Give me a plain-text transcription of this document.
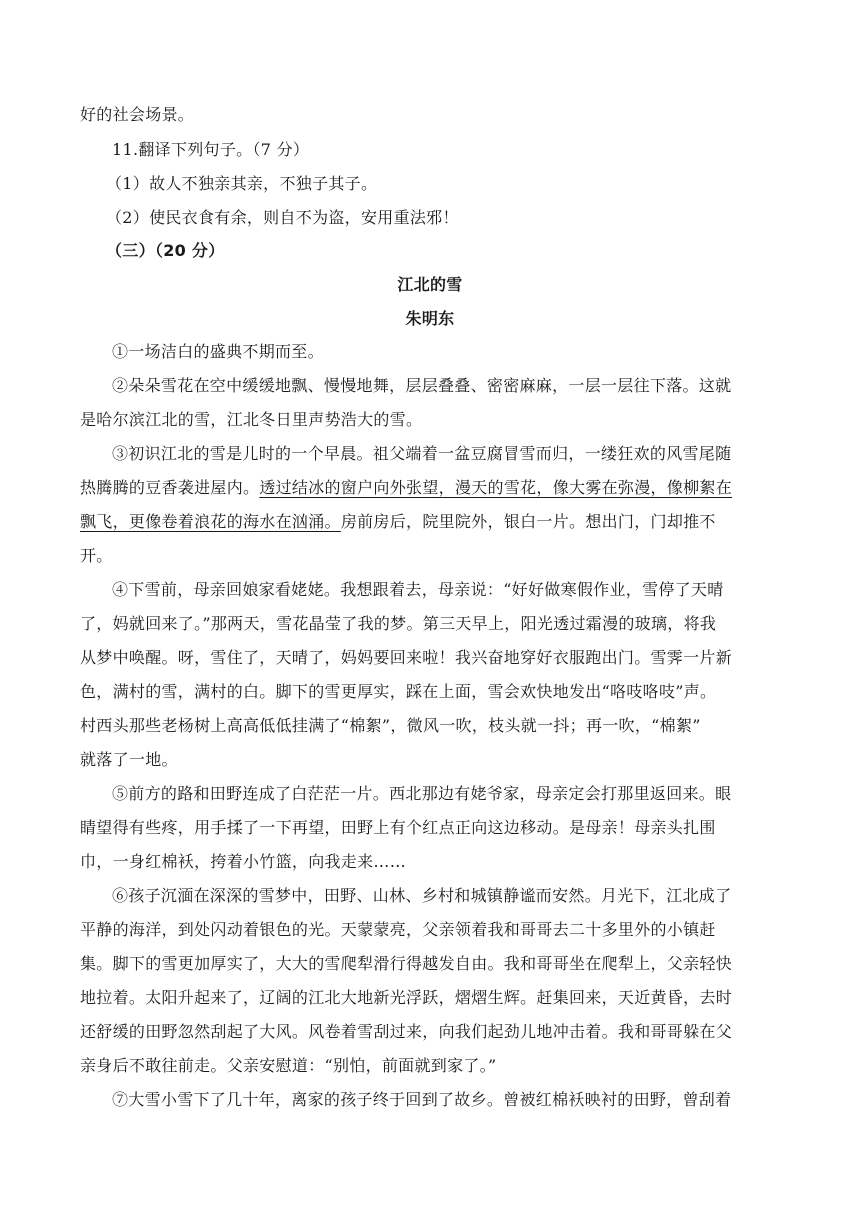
好的社会场景。
11.翻译下列句子。（7 分）
（1）故人不独亲其亲，不独子其子。
（2）使民衣食有余，则自不为盗，安用重法邪！
（三）（20 分）
江北的雪
朱明东
①一场洁白的盛典不期而至。
②朵朵雪花在空中缓缓地飘、慢慢地舞，层层叠叠、密密麻麻，一层一层往下落。这就
是哈尔滨江北的雪，江北冬日里声势浩大的雪。
③初识江北的雪是儿时的一个早晨。祖父端着一盆豆腐冒雪而归，一缕狂欢的风雪尾随
热腾腾的豆香袭进屋内。透过结冰的窗户向外张望，漫天的雪花，像大雾在弥漫，像柳絮在
飘飞，更像卷着浪花的海水在汹涌。房前房后，院里院外，银白一片。想出门，门却推不
开。
④下雪前，母亲回娘家看姥姥。我想跟着去，母亲说：“好好做寒假作业，雪停了天晴
了，妈就回来了。”那两天，雪花晶莹了我的梦。第三天早上，阳光透过霜漫的玻璃，将我
从梦中唤醒。呀，雪住了，天晴了，妈妈要回来啦！我兴奋地穿好衣服跑出门。雪霁一片新
色，满村的雪，满村的白。脚下的雪更厚实，踩在上面，雪会欢快地发出“咯吱咯吱”声。
村西头那些老杨树上高高低低挂满了“棉絮”，微风一吹，枝头就一抖；再一吹，“棉絮”
就落了一地。
⑤前方的路和田野连成了白茫茫一片。西北那边有姥爷家，母亲定会打那里返回来。眼
睛望得有些疼，用手揉了一下再望，田野上有个红点正向这边移动。是母亲！母亲头扎围
巾，一身红棉袄，挎着小竹篮，向我走来……
⑥孩子沉湎在深深的雪梦中，田野、山林、乡村和城镇静谧而安然。月光下，江北成了
平静的海洋，到处闪动着银色的光。天蒙蒙亮，父亲领着我和哥哥去二十多里外的小镇赶
集。脚下的雪更加厚实了，大大的雪爬犁滑行得越发自由。我和哥哥坐在爬犁上，父亲轻快
地拉着。太阳升起来了，辽阔的江北大地新光浮跃，熠熠生辉。赶集回来，天近黄昏，去时
还舒缓的田野忽然刮起了大风。风卷着雪刮过来，向我们起劲儿地冲击着。我和哥哥躲在父
亲身后不敢往前走。父亲安慰道：“别怕，前面就到家了。”
⑦大雪小雪下了几十年，离家的孩子终于回到了故乡。曾被红棉袄映衬的田野，曾刮着
